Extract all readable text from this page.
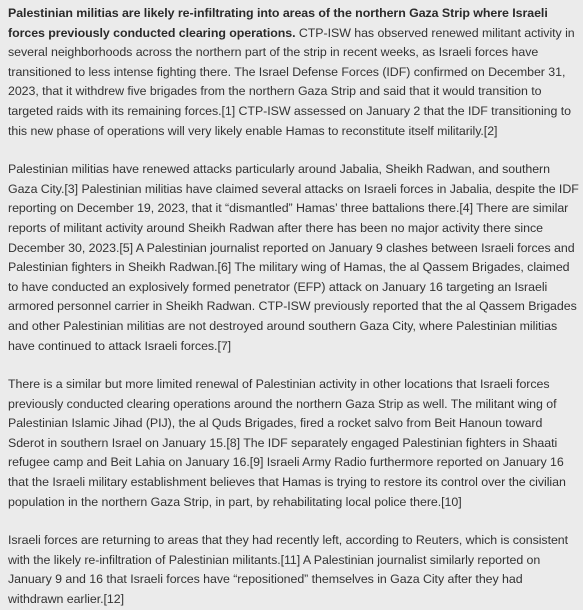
Palestinian militias are likely re-infiltrating into areas of the northern Gaza Strip where Israeli forces previously conducted clearing operations. CTP-ISW has observed renewed militant activity in several neighborhoods across the northern part of the strip in recent weeks, as Israeli forces have transitioned to less intense fighting there. The Israel Defense Forces (IDF) confirmed on December 31, 2023, that it withdrew five brigades from the northern Gaza Strip and said that it would transition to targeted raids with its remaining forces.[1] CTP-ISW assessed on January 2 that the IDF transitioning to this new phase of operations will very likely enable Hamas to reconstitute itself militarily.[2]

Palestinian militias have renewed attacks particularly around Jabalia, Sheikh Radwan, and southern Gaza City.[3] Palestinian militias have claimed several attacks on Israeli forces in Jabalia, despite the IDF reporting on December 19, 2023, that it “dismantled” Hamas’ three battalions there.[4] There are similar reports of militant activity around Sheikh Radwan after there has been no major activity there since December 30, 2023.[5] A Palestinian journalist reported on January 9 clashes between Israeli forces and Palestinian fighters in Sheikh Radwan.[6] The military wing of Hamas, the al Qassem Brigades, claimed to have conducted an explosively formed penetrator (EFP) attack on January 16 targeting an Israeli armored personnel carrier in Sheikh Radwan. CTP-ISW previously reported that the al Qassem Brigades and other Palestinian militias are not destroyed around southern Gaza City, where Palestinian militias have continued to attack Israeli forces.[7]

There is a similar but more limited renewal of Palestinian activity in other locations that Israeli forces previously conducted clearing operations around the northern Gaza Strip as well. The militant wing of Palestinian Islamic Jihad (PIJ), the al Quds Brigades, fired a rocket salvo from Beit Hanoun toward Sderot in southern Israel on January 15.[8] The IDF separately engaged Palestinian fighters in Shaati refugee camp and Beit Lahia on January 16.[9] Israeli Army Radio furthermore reported on January 16 that the Israeli military establishment believes that Hamas is trying to restore its control over the civilian population in the northern Gaza Strip, in part, by rehabilitating local police there.[10]

Israeli forces are returning to areas that they had recently left, according to Reuters, which is consistent with the likely re-infiltration of Palestinian militants.[11] A Palestinian journalist similarly reported on January 9 and 16 that Israeli forces have “repositioned” themselves in Gaza City after they had withdrawn earlier.[12]
